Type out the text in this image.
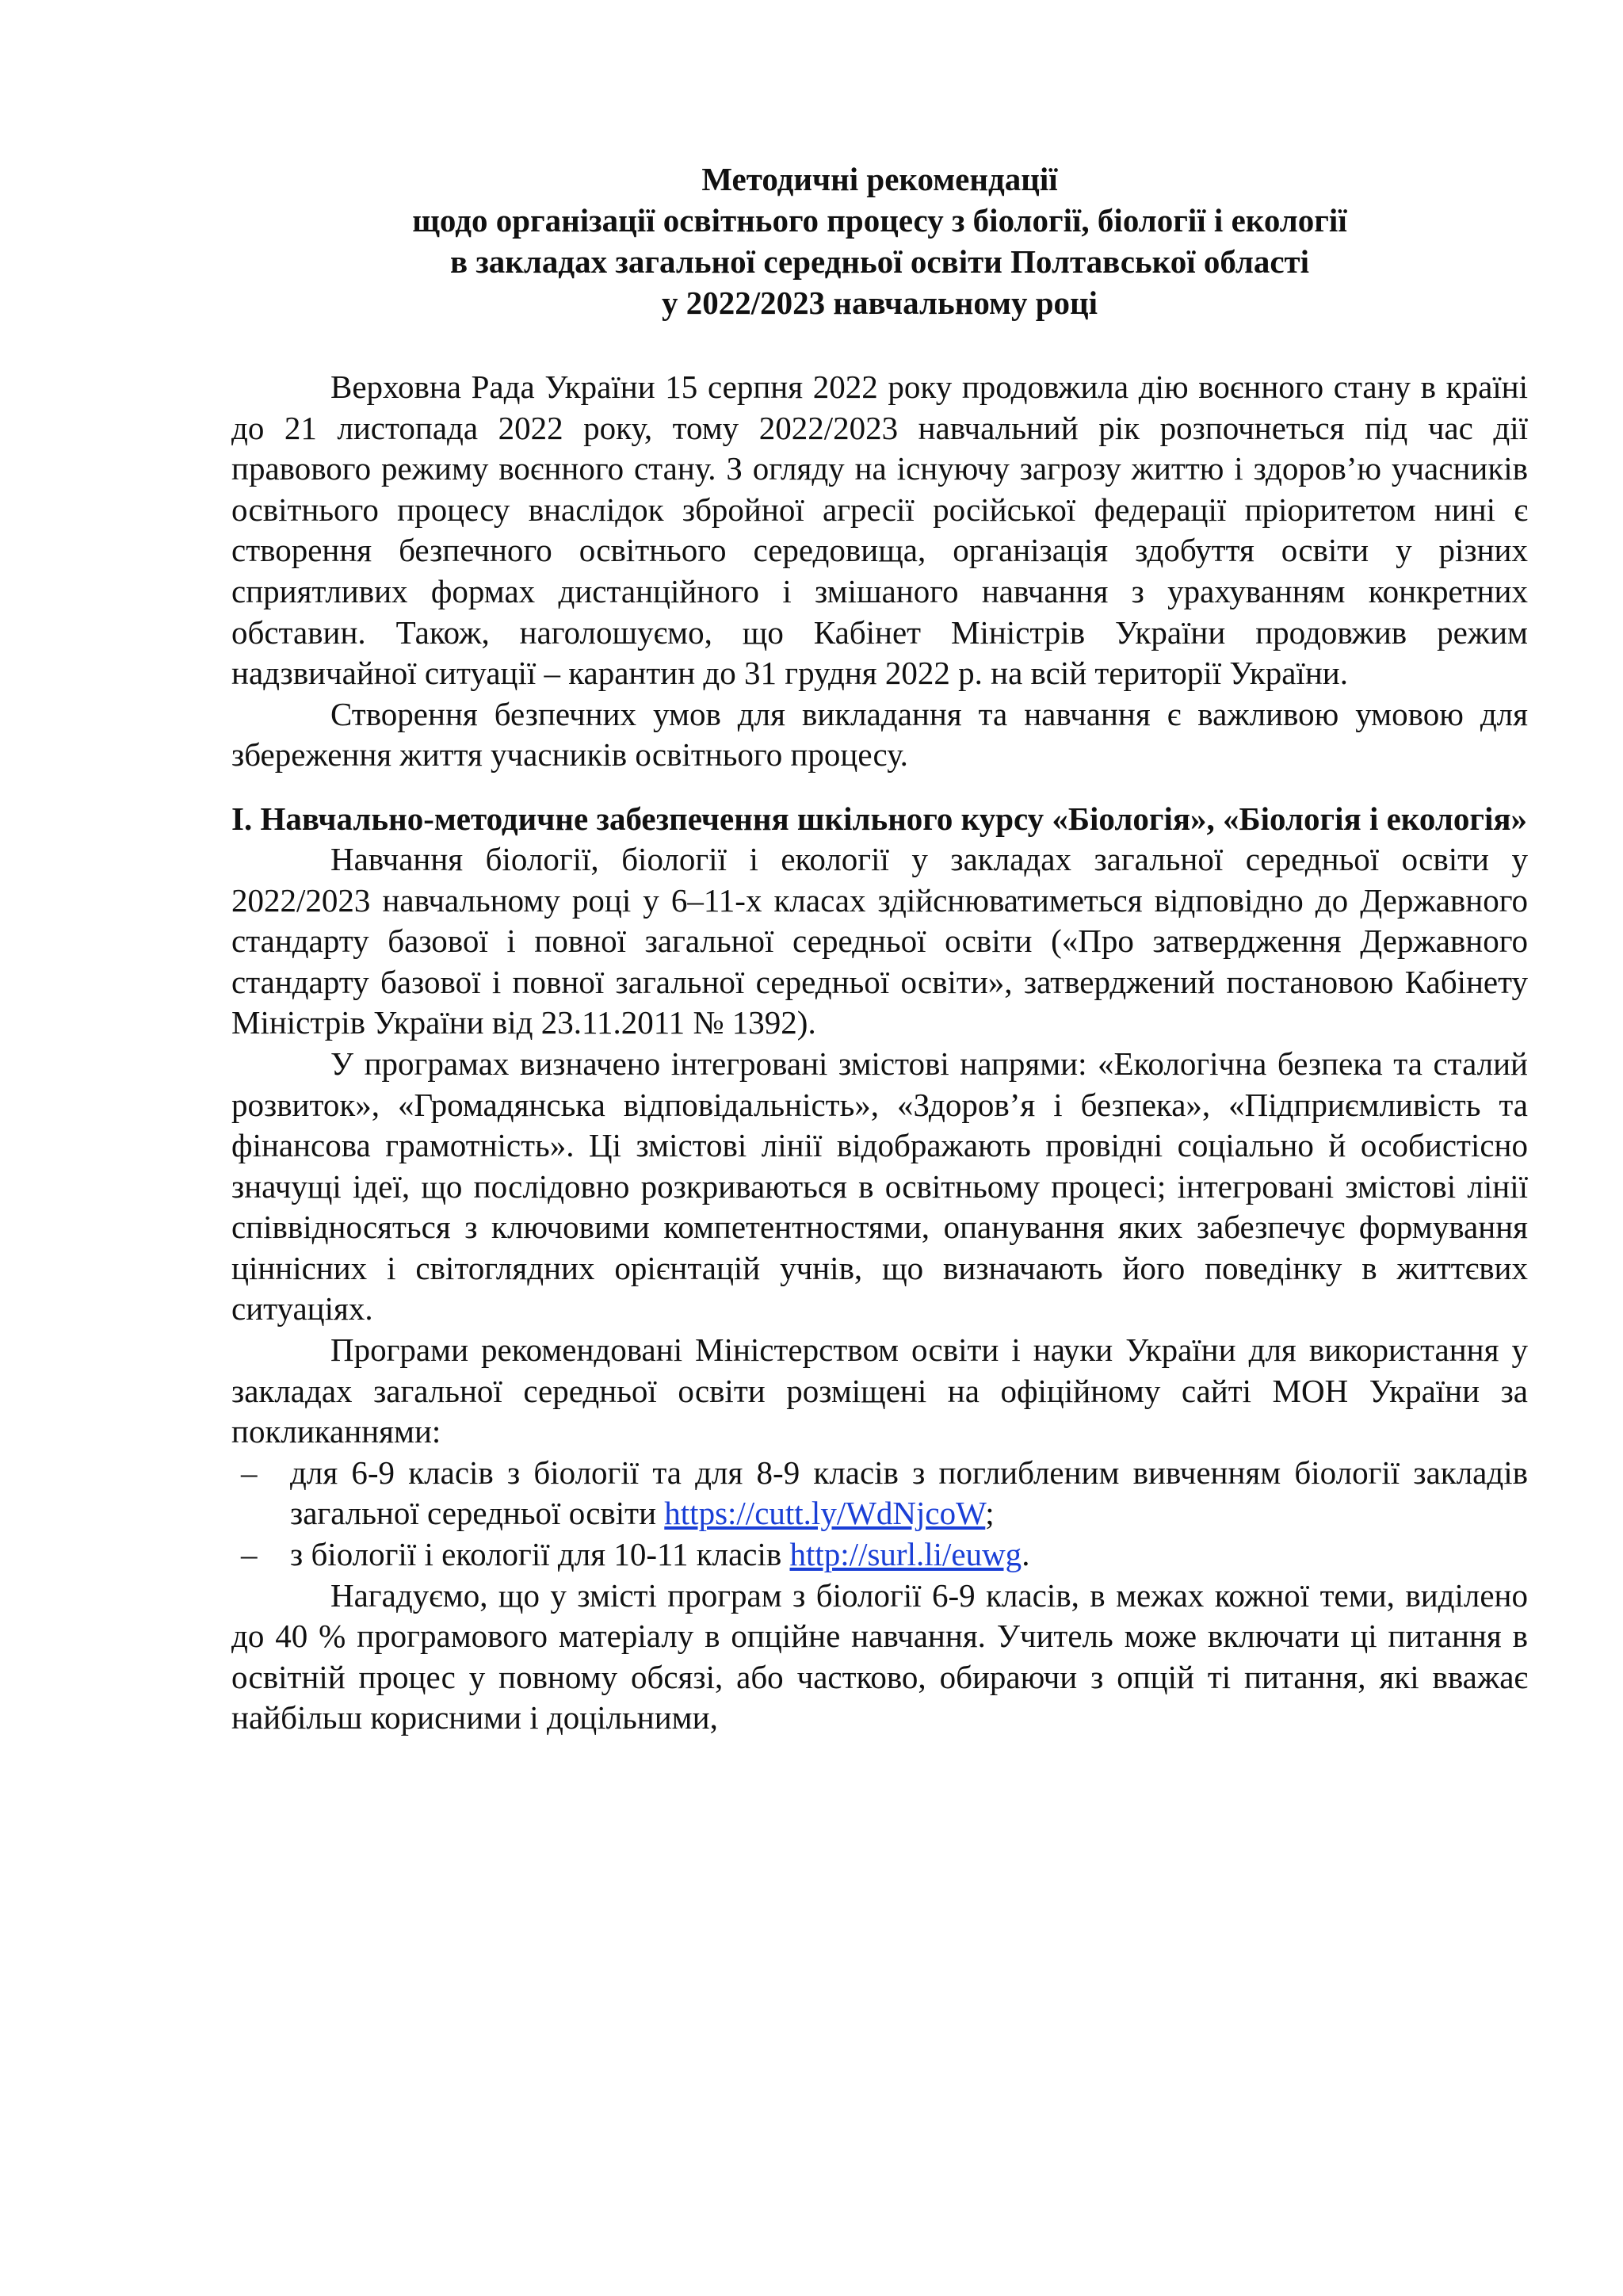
Методичні рекомендації
щодо організації освітнього процесу з біології, біології і екології
в закладах загальної середньої освіти Полтавської області
у 2022/2023 навчальному році

Верховна Рада України 15 серпня 2022 року продовжила дію воєнного стану в країні до 21 листопада 2022 року, тому 2022/2023 навчальний рік розпочнеться під час дії правового режиму воєнного стану. З огляду на існуючу загрозу життю і здоров’ю учасників освітнього процесу внаслідок збройної агресії російської федерації пріоритетом нині є створення безпечного освітнього середовища, організація здобуття освіти у різних сприятливих формах дистанційного і змішаного навчання з урахуванням конкретних обставин. Також, наголошуємо, що Кабінет Міністрів України продовжив режим надзвичайної ситуації – карантин до 31 грудня 2022 р. на всій території України.

Створення безпечних умов для викладання та навчання є важливою умовою для збереження життя учасників освітнього процесу.

І. Навчально-методичне забезпечення шкільного курсу «Біологія», «Біологія і екологія»

Навчання біології, біології і екології у закладах загальної середньої освіти у 2022/2023 навчальному році у 6–11-х класах здійснюватиметься відповідно до Державного стандарту базової і повної загальної середньої освіти («Про затвердження Державного стандарту базової і повної загальної середньої освіти», затверджений постановою Кабінету Міністрів України від 23.11.2011 № 1392).

У програмах визначено інтегровані змістові напрями: «Екологічна безпека та сталий розвиток», «Громадянська відповідальність», «Здоров’я і безпека», «Підприємливість та фінансова грамотність». Ці змістові лінії відображають провідні соціально й особистісно значущі ідеї, що послідовно розкриваються в освітньому процесі; інтегровані змістові лінії співвідносяться з ключовими компетентностями, опанування яких забезпечує формування ціннісних і світоглядних орієнтацій учнів, що визначають його поведінку в життєвих ситуаціях.

Програми рекомендовані Міністерством освіти і науки України для використання у закладах загальної середньої освіти розміщені на офіційному сайті МОН України за покликаннями:

– для 6-9 класів з біології та для 8-9 класів з поглибленим вивченням біології закладів загальної середньої освіти https://cutt.ly/WdNjcoW;
– з біології і екології для 10-11 класів http://surl.li/euwg.

Нагадуємо, що у змісті програм з біології 6-9 класів, в межах кожної теми, виділено до 40 % програмового матеріалу в опційне навчання. Учитель може включати ці питання в освітній процес у повному обсязі, або частково, обираючи з опцій ті питання, які вважає найбільш корисними і доцільними,
